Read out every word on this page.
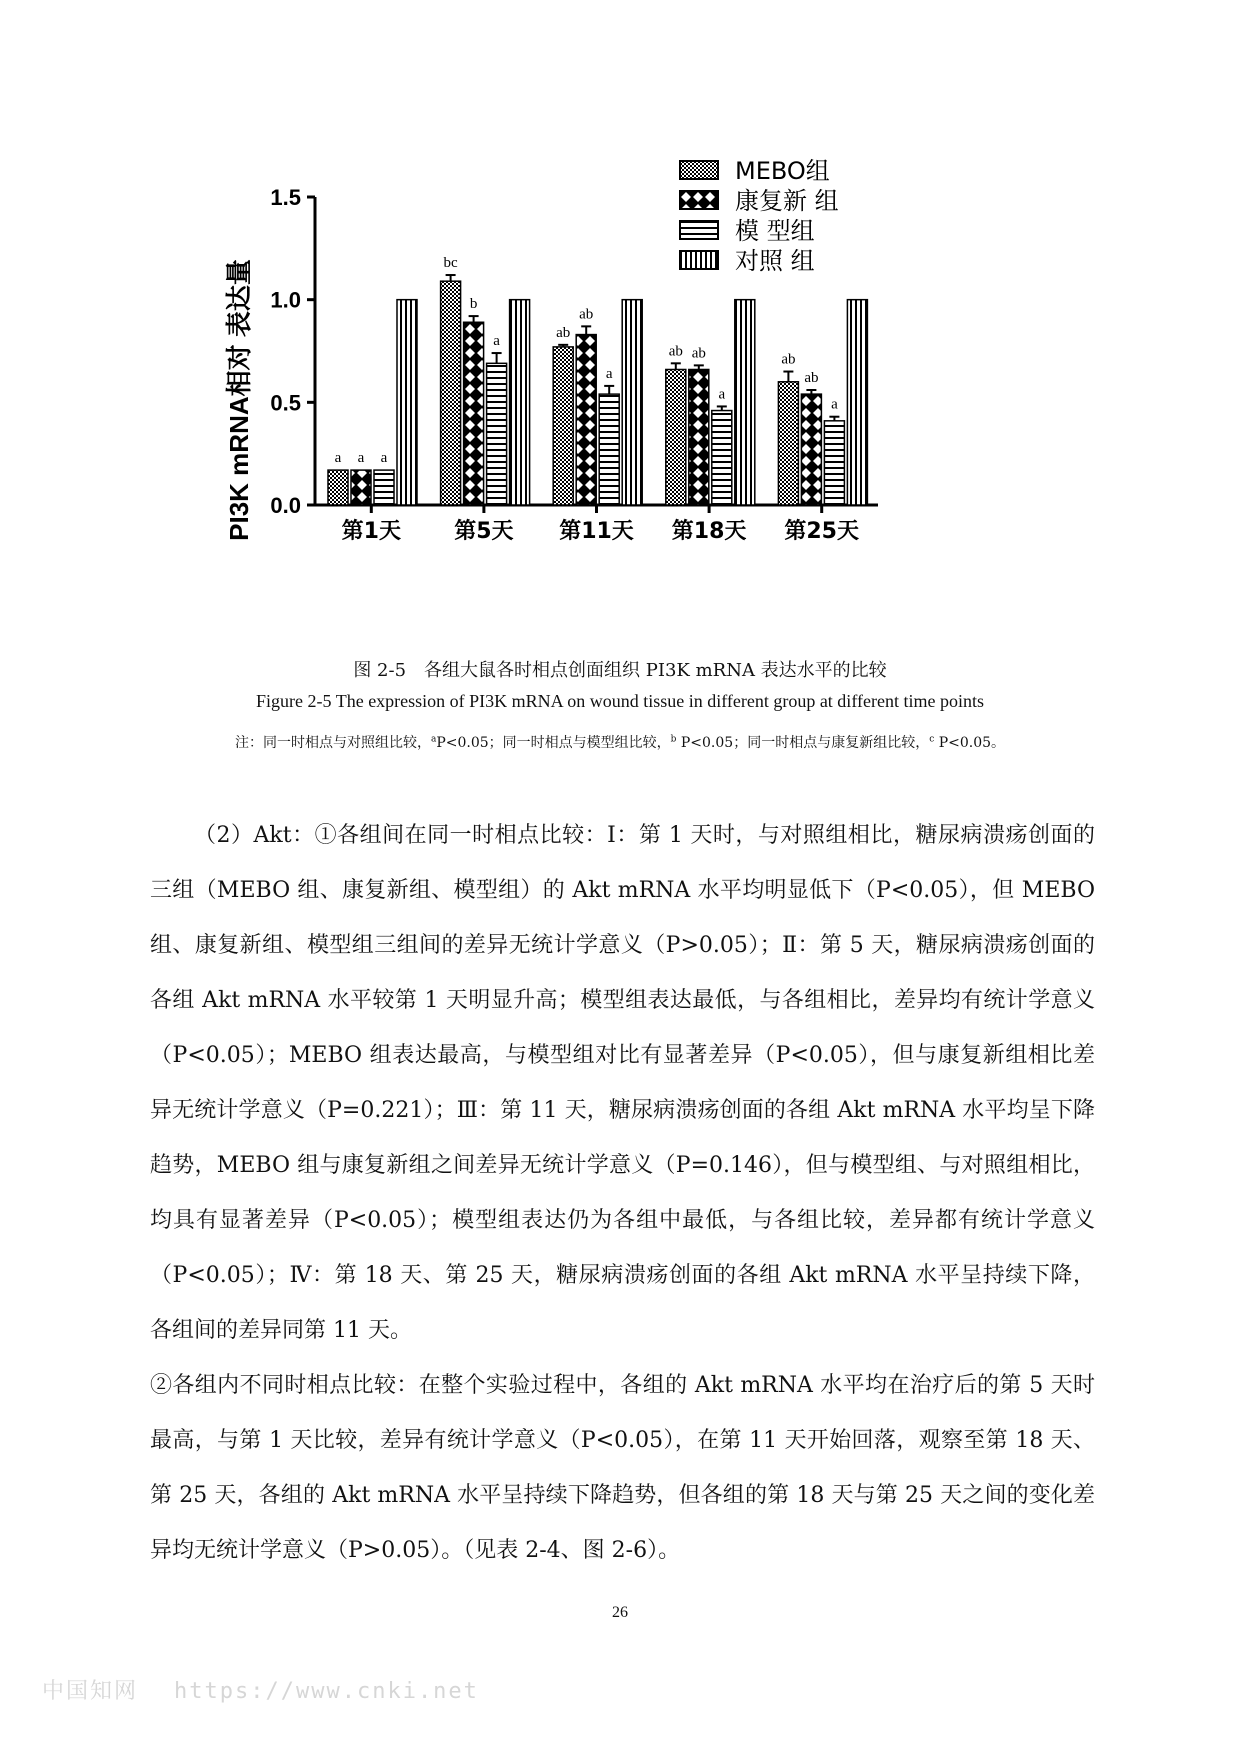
0.0
0.5
1.0
1.5
第1天
a a a
第5天
bc
b
a
第11天
ab
ab
a
第18天
ab ab
a
第25天
ab
ab
a
MEBO组
康复新 组
模 型组
对照 组
PI3K mRNA相对 表达量
图 2-5　各组大鼠各时相点创面组织 PI3K mRNA 表达水平的比较
Figure 2-5 The expression of PI3K mRNA on wound tissue in different group at different time points
注：同一时相点与对照组比较，$^a$P<0.05；同一时相点与模型组比较，$^b$ P<0.05；同一时相点与康复新组比较，$^c$ P<0.05。

（2）Akt：①各组间在同一时相点比较：Ⅰ：第 1 天时，与对照组相比，糖尿病溃疡创面的三组（MEBO 组、康复新组、模型组）的 Akt mRNA 水平均明显低下（P<0.05），但 MEBO 组、康复新组、模型组三组间的差异无统计学意义（P>0.05）；Ⅱ：第 5 天，糖尿病溃疡创面的各组 Akt mRNA 水平较第 1 天明显升高；模型组表达最低，与各组相比，差异均有统计学意义（P<0.05）；MEBO 组表达最高，与模型组对比有显著差异（P<0.05），但与康复新组相比差异无统计学意义（P=0.221）；Ⅲ：第 11 天，糖尿病溃疡创面的各组 Akt mRNA 水平均呈下降趋势，MEBO 组与康复新组之间差异无统计学意义（P=0.146），但与模型组、与对照组相比，均具有显著差异（P<0.05）；模型组表达仍为各组中最低，与各组比较，差异都有统计学意义（P<0.05）；Ⅳ：第 18 天、第 25 天，糖尿病溃疡创面的各组 Akt mRNA 水平呈持续下降，各组间的差异同第 11 天。

②各组内不同时相点比较：在整个实验过程中，各组的 Akt mRNA 水平均在治疗后的第 5 天时最高，与第 1 天比较，差异有统计学意义（P<0.05），在第 11 天开始回落，观察至第 18 天、第 25 天，各组的 Akt mRNA 水平呈持续下降趋势，但各组的第 18 天与第 25 天之间的变化差异均无统计学意义（P>0.05）。（见表 2-4、图 2-6）。

26
中国知网 https://www.cnki.net
